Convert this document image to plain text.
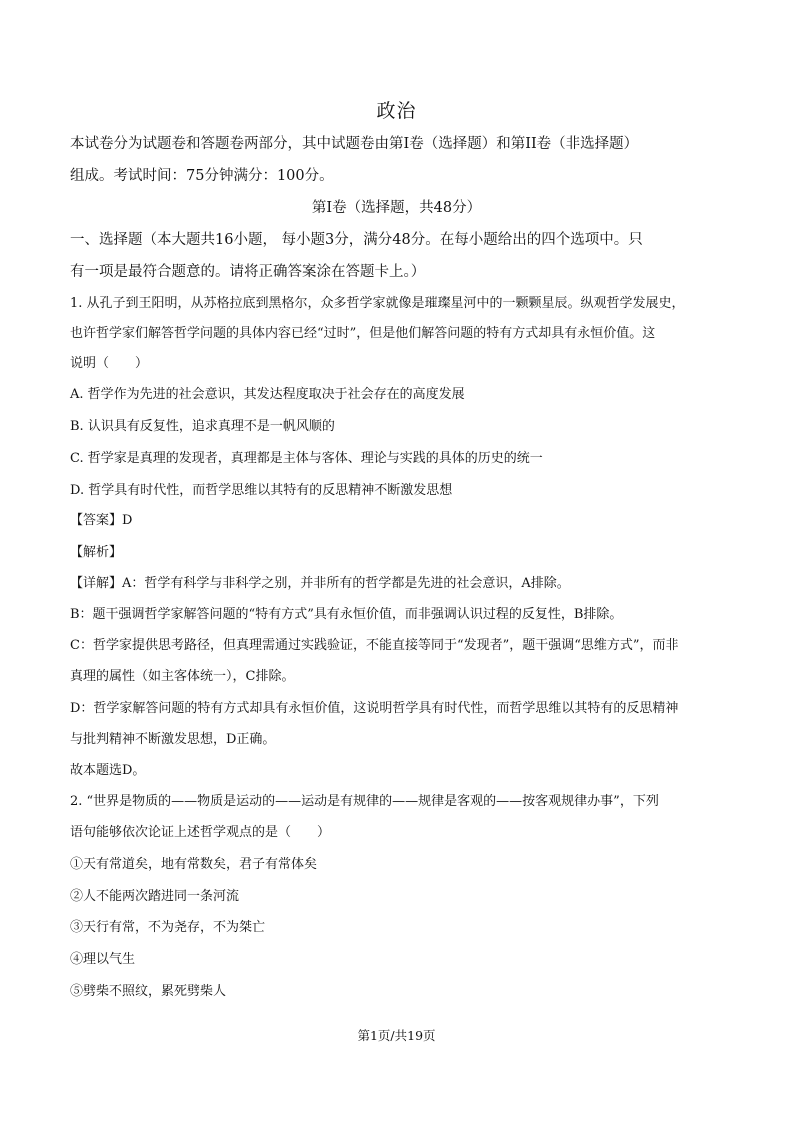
政治
本试卷分为试题卷和答题卷两部分，其中试题卷由第Ⅰ卷（选择题）和第II卷（非选择题）
组成。考试时间：75分钟满分：100分。
第Ⅰ卷（选择题，共48分）
一、选择题（本大题共16小题， 每小题3分，满分48分。在每小题给出的四个选项中。只
有一项是最符合题意的。请将正确答案涂在答题卡上。）
1. 从孔子到王阳明，从苏格拉底到黑格尔，众多哲学家就像是璀璨星河中的一颗颗星辰。纵观哲学发展史，
也许哲学家们解答哲学问题的具体内容已经“过时”，但是他们解答问题的特有方式却具有永恒价值。这
说明（　　）
A. 哲学作为先进的社会意识，其发达程度取决于社会存在的高度发展
B. 认识具有反复性，追求真理不是一帆风顺的
C. 哲学家是真理的发现者，真理都是主体与客体、理论与实践的具体的历史的统一
D. 哲学具有时代性，而哲学思维以其特有的反思精神不断激发思想
【答案】D
【解析】
【详解】A：哲学有科学与非科学之别，并非所有的哲学都是先进的社会意识，A排除。
B：题干强调哲学家解答问题的“特有方式”具有永恒价值，而非强调认识过程的反复性，B排除。
C：哲学家提供思考路径，但真理需通过实践验证，不能直接等同于“发现者”，题干强调“思维方式”，而非
真理的属性（如主客体统一），C排除。
D：哲学家解答问题的特有方式却具有永恒价值，这说明哲学具有时代性，而哲学思维以其特有的反思精神
与批判精神不断激发思想，D正确。
故本题选D。
2. “世界是物质的——物质是运动的——运动是有规律的——规律是客观的——按客观规律办事”，下列
语句能够依次论证上述哲学观点的是（　　）
①天有常道矣，地有常数矣，君子有常体矣
②人不能两次踏进同一条河流
③天行有常，不为尧存，不为桀亡
④理以气生
⑤劈柴不照纹，累死劈柴人
第1页/共19页
